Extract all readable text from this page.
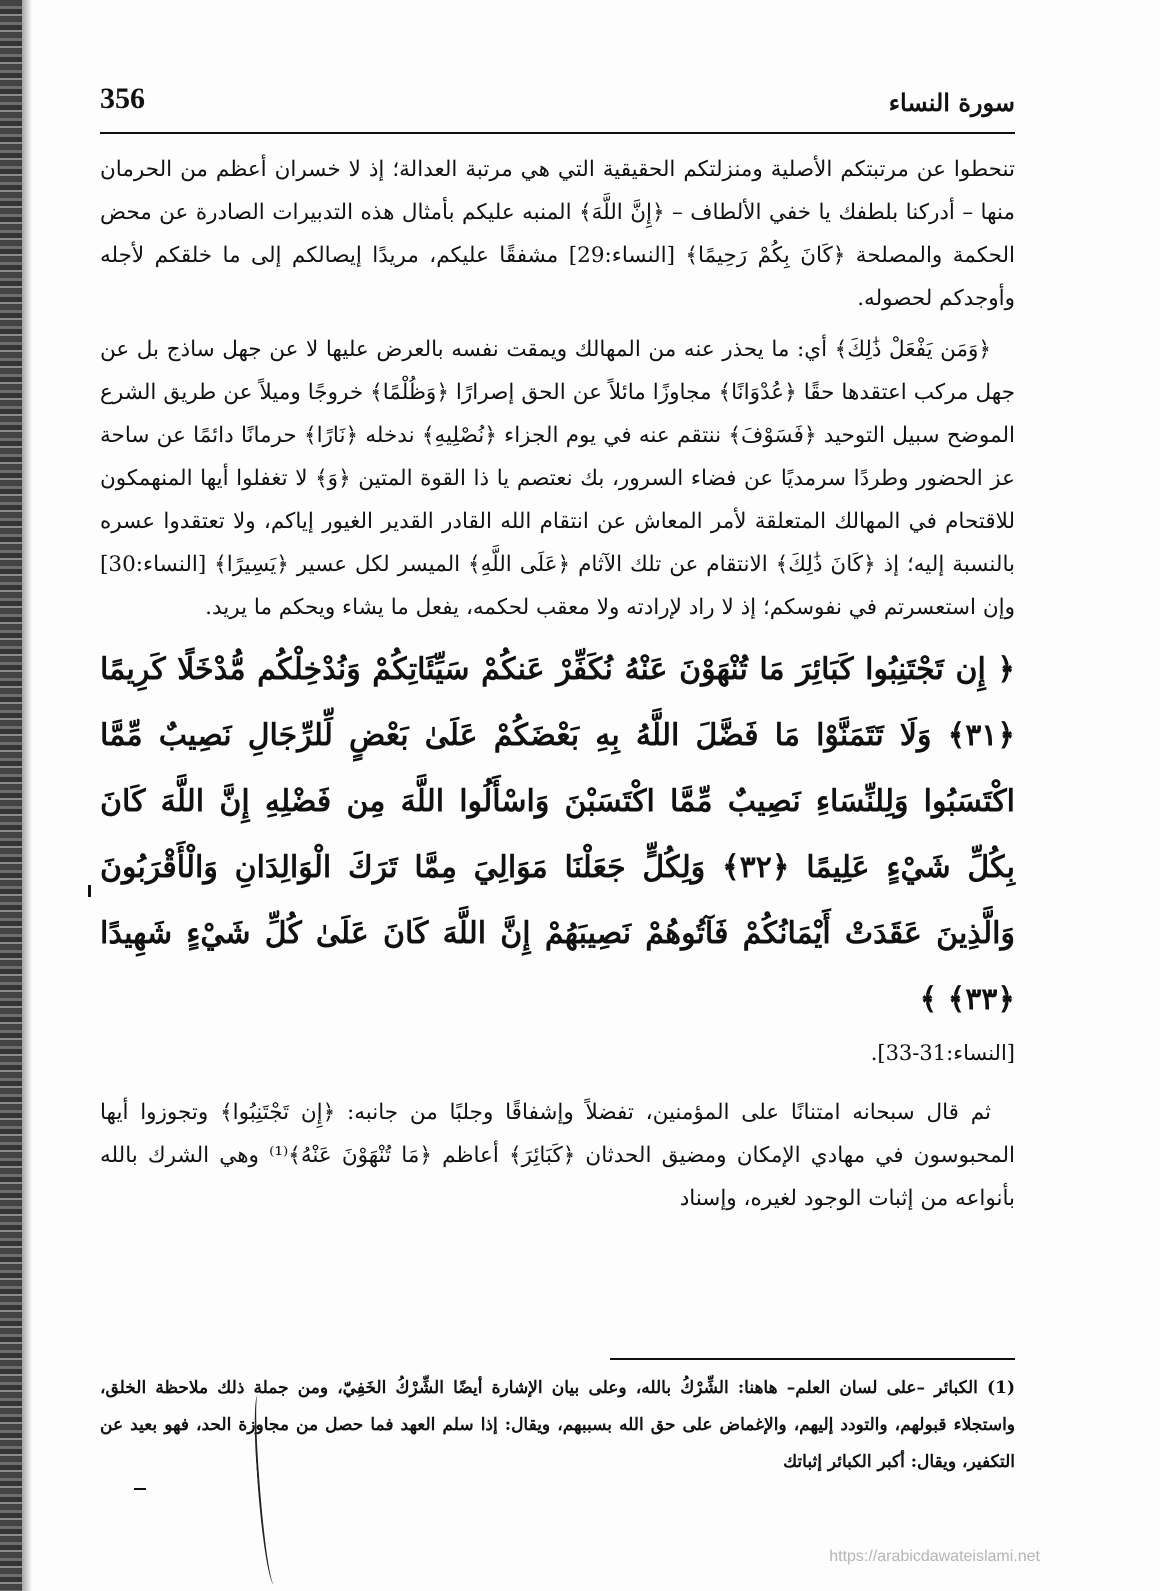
356	سورة النساء

تنحطوا عن مرتبتكم الأصلية ومنزلتكم الحقيقية التي هي مرتبة العدالة؛ إذ لا خسران أعظم من الحرمان منها – أدركنا بلطفك يا خفي الألطاف – ﴿إِنَّ اللَّهَ﴾ المنبه عليكم بأمثال هذه التدبيرات الصادرة عن محض الحكمة والمصلحة ﴿كَانَ بِكُمْ رَحِيمًا﴾ [النساء:29] مشفقًا عليكم، مريدًا إيصالكم إلى ما خلقكم لأجله وأوجدكم لحصوله.

﴿وَمَن يَفْعَلْ ذَٰلِكَ﴾ أي: ما يحذر عنه من المهالك ويمقت نفسه بالعرض عليها لا عن جهل ساذج بل عن جهل مركب اعتقدها حقًا ﴿عُدْوَانًا﴾ مجاوزًا مائلاً عن الحق إصرارًا ﴿وَظُلْمًا﴾ خروجًا وميلاً عن طريق الشرع الموضح سبيل التوحيد ﴿فَسَوْفَ﴾ ننتقم عنه في يوم الجزاء ﴿نُصْلِيهِ﴾ ندخله ﴿نَارًا﴾ حرمانًا دائمًا عن ساحة عز الحضور وطردًا سرمديًا عن فضاء السرور، بك نعتصم يا ذا القوة المتين ﴿وَ﴾ لا تغفلوا أيها المنهمكون للاقتحام في المهالك المتعلقة لأمر المعاش عن انتقام الله القادر القدير الغيور إياكم، ولا تعتقدوا عسره بالنسبة إليه؛ إذ ﴿كَانَ ذَٰلِكَ﴾ الانتقام عن تلك الآثام ﴿عَلَى اللَّهِ﴾ الميسر لكل عسير ﴿يَسِيرًا﴾ [النساء:30] وإن استعسرتم في نفوسكم؛ إذ لا راد لإرادته ولا معقب لحكمه، يفعل ما يشاء ويحكم ما يريد.

﴿ إِن تَجْتَنِبُوا كَبَائِرَ مَا تُنْهَوْنَ عَنْهُ نُكَفِّرْ عَنكُمْ سَيِّئَاتِكُمْ وَنُدْخِلْكُم مُّدْخَلًا كَرِيمًا ﴿٣١﴾ وَلَا تَتَمَنَّوْا مَا فَضَّلَ اللَّهُ بِهِ بَعْضَكُمْ عَلَىٰ بَعْضٍ لِّلرِّجَالِ نَصِيبٌ مِّمَّا اكْتَسَبُوا وَلِلنِّسَاءِ نَصِيبٌ مِّمَّا اكْتَسَبْنَ وَاسْأَلُوا اللَّهَ مِن فَضْلِهِ إِنَّ اللَّهَ كَانَ بِكُلِّ شَيْءٍ عَلِيمًا ﴿٣٢﴾ وَلِكُلٍّ جَعَلْنَا مَوَالِيَ مِمَّا تَرَكَ الْوَالِدَانِ وَالْأَقْرَبُونَ وَالَّذِينَ عَقَدَتْ أَيْمَانُكُمْ فَآتُوهُمْ نَصِيبَهُمْ إِنَّ اللَّهَ كَانَ عَلَىٰ كُلِّ شَيْءٍ شَهِيدًا ﴿٣٣﴾ ﴾

[النساء:31-33].

ثم قال سبحانه امتنانًا على المؤمنين، تفضلاً وإشفاقًا وجلبًا من جانبه: ﴿إِن تَجْتَنِبُوا﴾ وتجوزوا أيها المحبوسون في مهادي الإمكان ومضيق الحدثان ﴿كَبَائِرَ﴾ أعاظم ﴿مَا تُنْهَوْنَ عَنْهُ﴾⁽¹⁾ وهي الشرك بالله بأنواعه من إثبات الوجود لغيره، وإسناد

(1) الكبائر –على لسان العلم– هاهنا: الشِّرْكُ بالله، وعلى بيان الإشارة أيضًا الشِّرْكُ الخَفِيّ، ومن جملة ذلك ملاحظة الخلق، واستجلاء قبولهم، والتودد إليهم، والإغماض على حق الله بسببهم، ويقال: إذا سلم العهد فما حصل من مجاوزة الحد، فهو بعيد عن التكفير، ويقال: أكبر الكبائر إثباتك
https://arabicdawateislami.net
